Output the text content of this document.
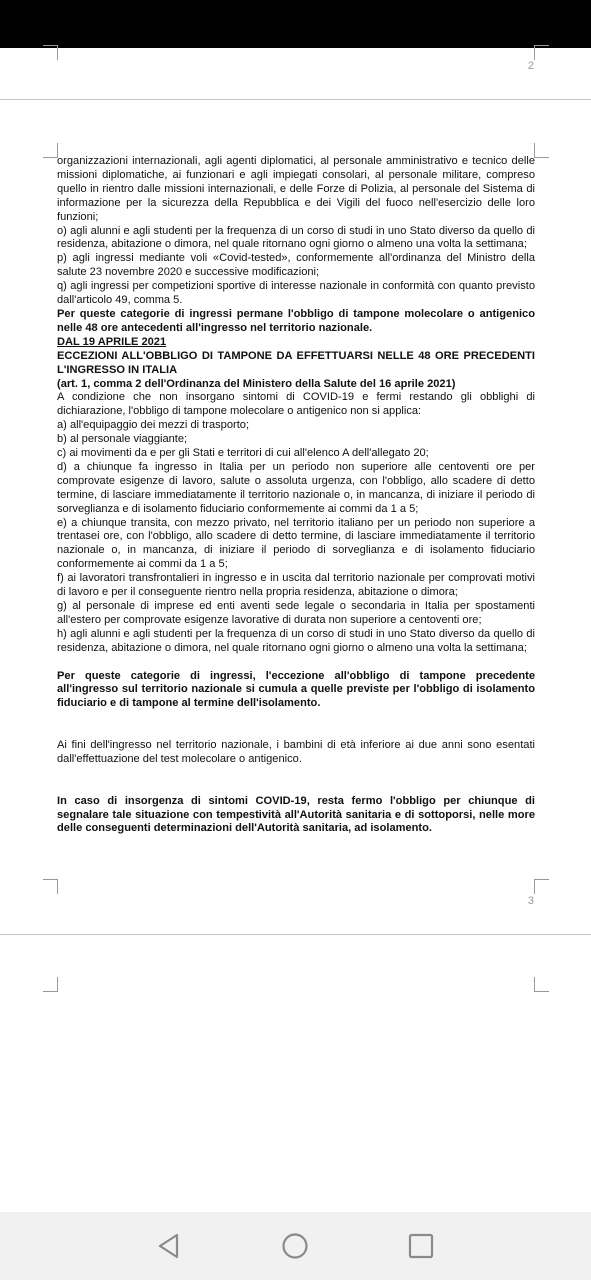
2

organizzazioni internazionali, agli agenti diplomatici, al personale amministrativo e tecnico delle missioni diplomatiche, ai funzionari e agli impiegati consolari, al personale militare, compreso quello in rientro dalle missioni internazionali, e delle Forze di Polizia, al personale del Sistema di informazione per la sicurezza della Repubblica e dei Vigili del fuoco nell'esercizio delle loro funzioni;

o) agli alunni e agli studenti per la frequenza di un corso di studi in uno Stato diverso da quello di residenza, abitazione o dimora, nel quale ritornano ogni giorno o almeno una volta la settimana;

p) agli ingressi mediante voli «Covid-tested», conformemente all'ordinanza del Ministro della salute 23 novembre 2020 e successive modificazioni;

q) agli ingressi per competizioni sportive di interesse nazionale in conformità con quanto previsto dall'articolo 49, comma 5.

Per queste categorie di ingressi permane l'obbligo di tampone molecolare o antigenico nelle 48 ore antecedenti all'ingresso nel territorio nazionale.

DAL 19 APRILE 2021

ECCEZIONI ALL'OBBLIGO DI TAMPONE DA EFFETTUARSI NELLE 48 ORE PRECEDENTI L'INGRESSO IN ITALIA

(art. 1, comma 2 dell'Ordinanza del Ministero della Salute del 16 aprile 2021)

A condizione che non insorgano sintomi di COVID-19 e fermi restando gli obblighi di dichiarazione, l'obbligo di tampone molecolare o antigenico non si applica:

a) all'equipaggio dei mezzi di trasporto;

b) al personale viaggiante;

c) ai movimenti da e per gli Stati e territori di cui all'elenco A dell'allegato 20;

d) a chiunque fa ingresso in Italia per un periodo non superiore alle centoventi ore per comprovate esigenze di lavoro, salute o assoluta urgenza, con l'obbligo, allo scadere di detto termine, di lasciare immediatamente il territorio nazionale o, in mancanza, di iniziare il periodo di sorveglianza e di isolamento fiduciario conformemente ai commi da 1 a 5;

e) a chiunque transita, con mezzo privato, nel territorio italiano per un periodo non superiore a trentasei ore, con l'obbligo, allo scadere di detto termine, di lasciare immediatamente il territorio nazionale o, in mancanza, di iniziare il periodo di sorveglianza e di isolamento fiduciario conformemente ai commi da 1 a 5;

f) ai lavoratori transfrontalieri in ingresso e in uscita dal territorio nazionale per comprovati motivi di lavoro e per il conseguente rientro nella propria residenza, abitazione o dimora;

g) al personale di imprese ed enti aventi sede legale o secondaria in Italia per spostamenti all'estero per comprovate esigenze lavorative di durata non superiore a centoventi ore;

h) agli alunni e agli studenti per la frequenza di un corso di studi in uno Stato diverso da quello di residenza, abitazione o dimora, nel quale ritornano ogni giorno o almeno una volta la settimana;

Per queste categorie di ingressi, l'eccezione all'obbligo di tampone precedente all'ingresso sul territorio nazionale si cumula a quelle previste per l'obbligo di isolamento fiduciario e di tampone al termine dell'isolamento.

Ai fini dell'ingresso nel territorio nazionale, i bambini di età inferiore ai due anni sono esentati dall'effettuazione del test molecolare o antigenico.

In caso di insorgenza di sintomi COVID-19, resta fermo l'obbligo per chiunque di segnalare tale situazione con tempestività all'Autorità sanitaria e di sottoporsi, nelle more delle conseguenti determinazioni dell'Autorità sanitaria, ad isolamento.

3
